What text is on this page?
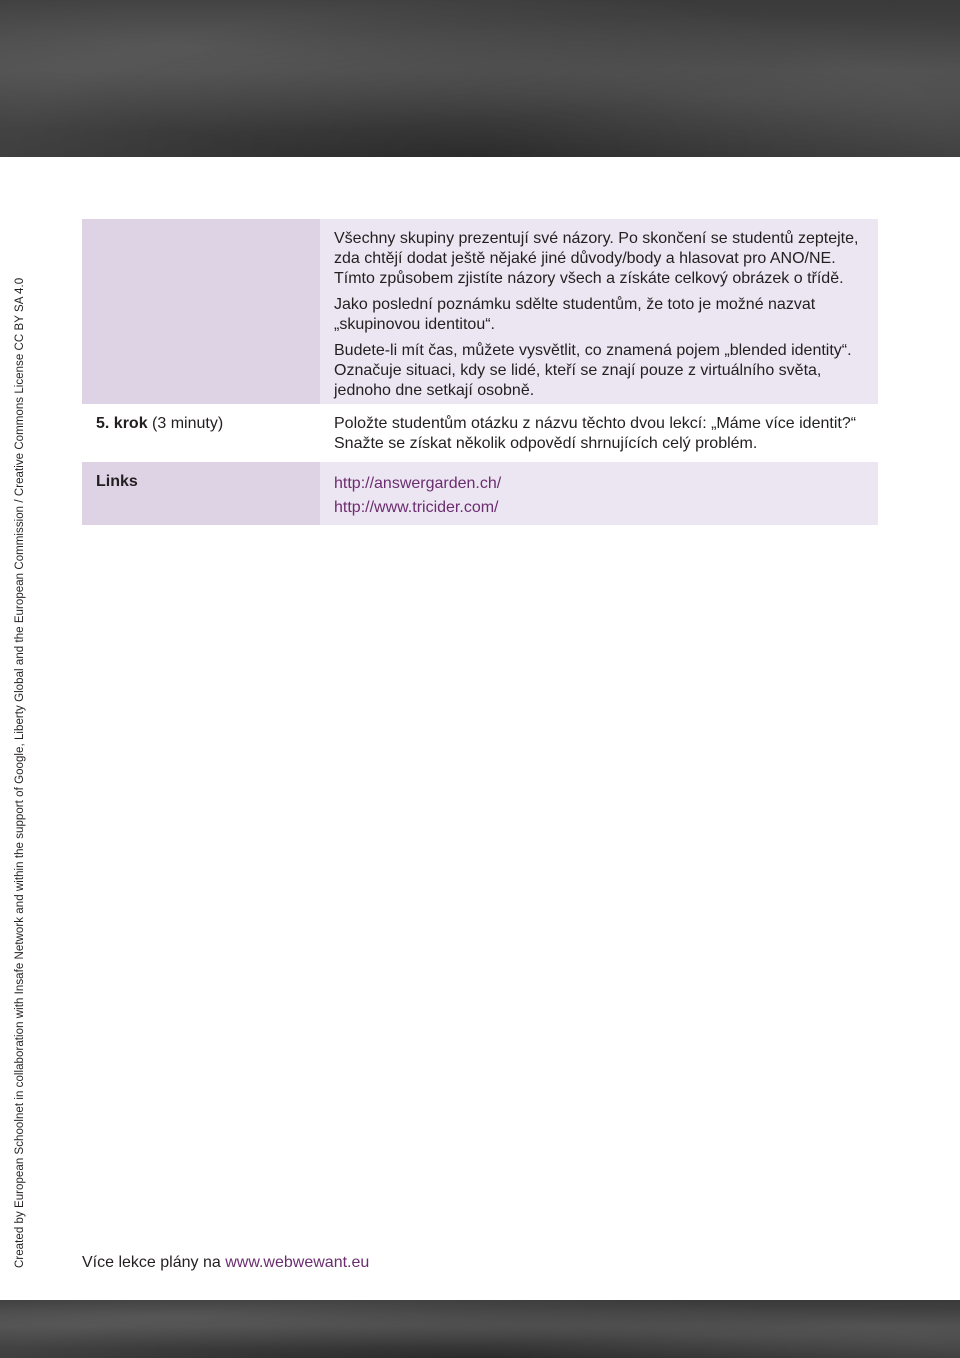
Created by European Schoolnet in collaboration with Insafe Network and within the support of Google, Liberty Global and the European Commission / Creative Commons License CC BY SA 4.0

Všechny skupiny prezentují své názory. Po skončení se studentů zeptejte, zda chtějí dodat ještě nějaké jiné důvody/body a hlasovat pro ANO/NE. Tímto způsobem zjistíte názory všech a získáte celkový obrázek o třídě.

Jako poslední poznámku sdělte studentům, že toto je možné nazvat „skupinovou identitou“.

Budete-li mít čas, můžete vysvětlit, co znamená pojem „blended identity“. Označuje situaci, kdy se lidé, kteří se znají pouze z virtuálního světa, jednoho dne setkají osobně.

5. krok (3 minuty)	Položte studentům otázku z názvu těchto dvou lekcí: „Máme více identit?“ Snažte se získat několik odpovědí shrnujících celý problém.
Links	http://answergarden.ch/
http://www.tricider.com/
Více lekce plány na www.webwewant.eu
